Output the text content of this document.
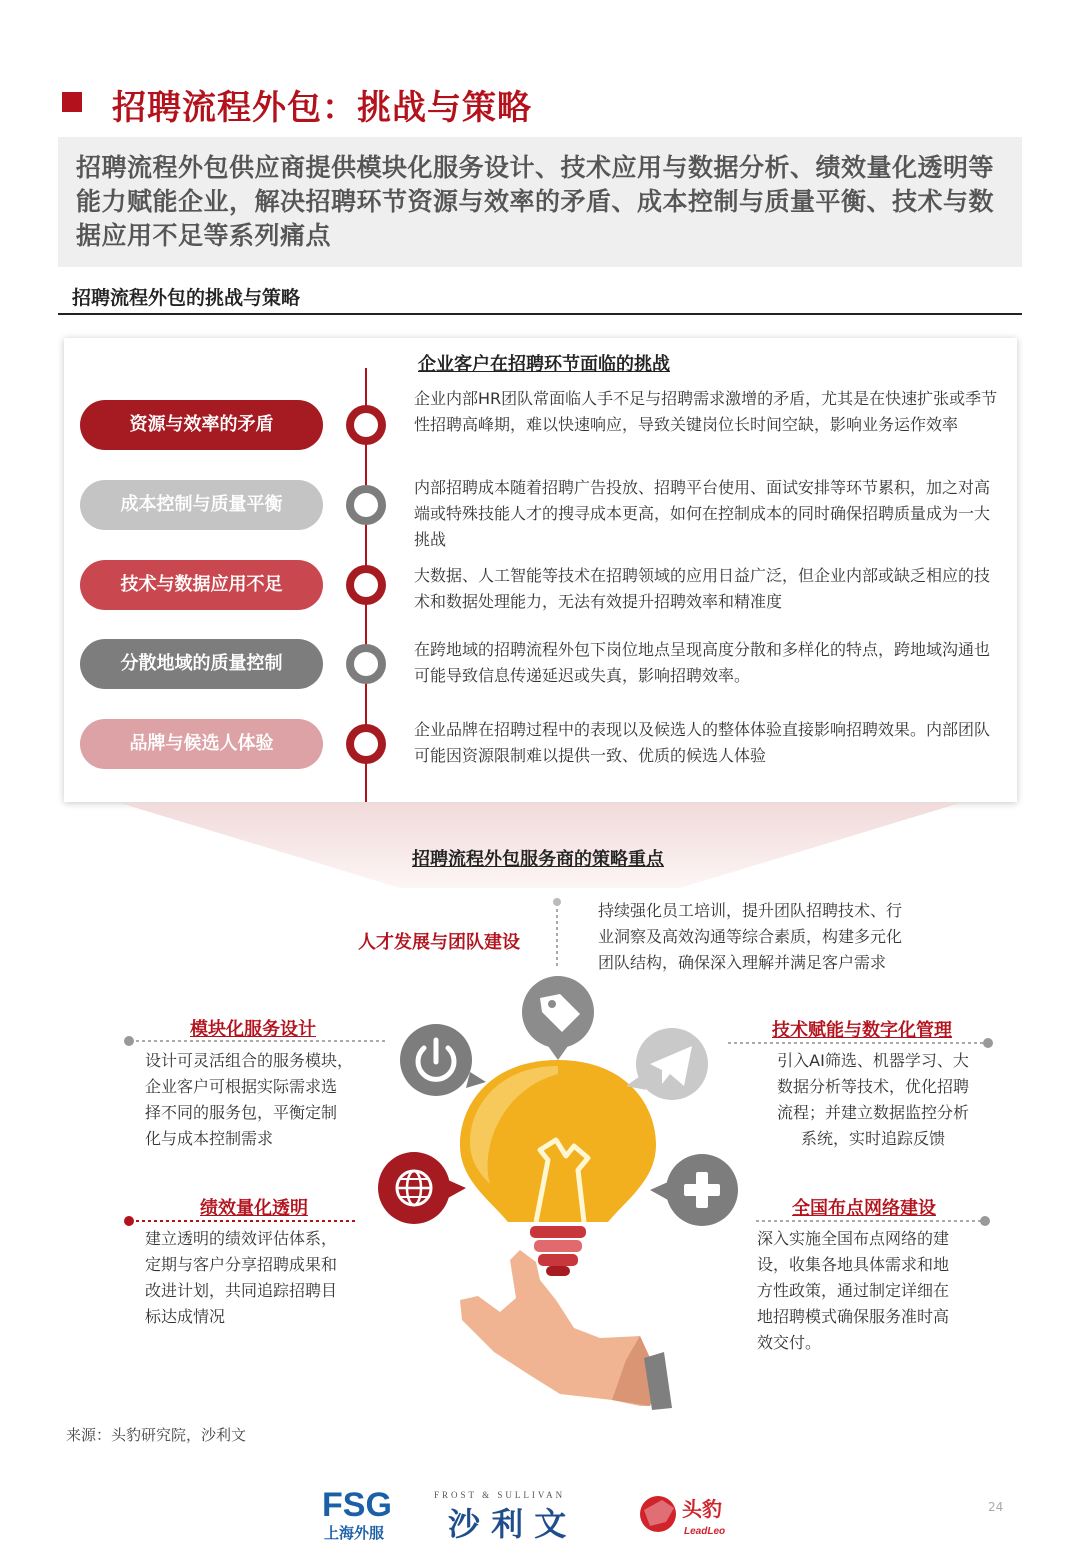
招聘流程外包：挑战与策略
招聘流程外包供应商提供模块化服务设计、技术应用与数据分析、绩效量化透明等能力赋能企业，解决招聘环节资源与效率的矛盾、成本控制与质量平衡、技术与数据应用不足等系列痛点
招聘流程外包的挑战与策略
企业客户在招聘环节面临的挑战
资源与效率的矛盾
企业内部HR团队常面临人手不足与招聘需求激增的矛盾，尤其是在快速扩张或季节性招聘高峰期，难以快速响应，导致关键岗位长时间空缺，影响业务运作效率
成本控制与质量平衡
内部招聘成本随着招聘广告投放、招聘平台使用、面试安排等环节累积，加之对高端或特殊技能人才的搜寻成本更高，如何在控制成本的同时确保招聘质量成为一大挑战
技术与数据应用不足	大数据、人工智能等技术在招聘领域的应用日益广泛，但企业内部或缺乏相应的技术和数据处理能力，无法有效提升招聘效率和精准度
分散地域的质量控制
在跨地域的招聘流程外包下岗位地点呈现高度分散和多样化的特点，跨地域沟通也可能导致信息传递延迟或失真，影响招聘效率。
品牌与候选人体验
企业品牌在招聘过程中的表现以及候选人的整体体验直接影响招聘效果。内部团队可能因资源限制难以提供一致、优质的候选人体验
招聘流程外包服务商的策略重点
人才发展与团队建设
持续强化员工培训，提升团队招聘技术、行
业洞察及高效沟通等综合素质，构建多元化
团队结构，确保深入理解并满足客户需求
模块化服务设计
设计可灵活组合的服务模块，
企业客户可根据实际需求选
择不同的服务包，平衡定制
化与成本控制需求
技术赋能与数字化管理
引入AI筛选、机器学习、大
数据分析等技术，优化招聘
流程；并建立数据监控分析
系统，实时追踪反馈
绩效量化透明
建立透明的绩效评估体系，
定期与客户分享招聘成果和
改进计划，共同追踪招聘目
标达成情况
全国布点网络建设
深入实施全国布点网络的建
设，收集各地具体需求和地
方性政策，通过制定详细在
地招聘模式确保服务准时高
效交付。
来源：头豹研究院，沙利文
FSG
上海外服
FROST & SULLIVAN
沙 利 文	头豹
LeadLeo
24
